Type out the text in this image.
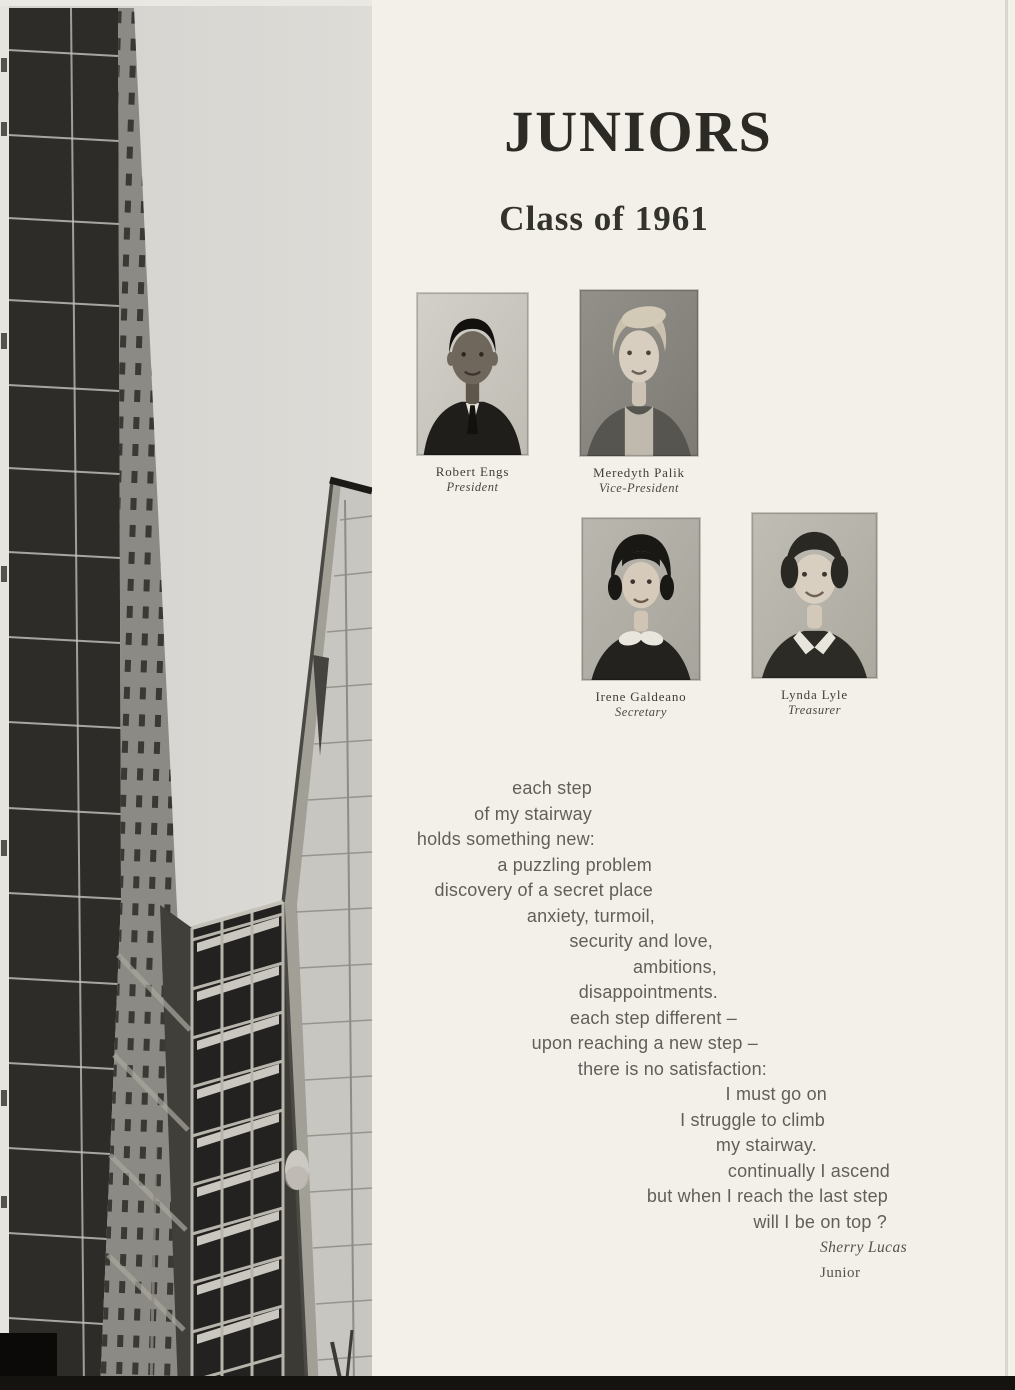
JUNIORS
Class of 1961
Robert Engs
President
Meredyth Palik
Vice-President
Irene Galdeano
Secretary
Lynda Lyle
Treasurer
each step
of my stairway
holds something new:
a puzzling problem
discovery of a secret place
anxiety, turmoil,
security and love,
ambitions,
disappointments.
each step different –
upon reaching a new step –
there is no satisfaction:
I must go on
I struggle to climb
my stairway.
continually I ascend
but when I reach the last step
will I be on top ?
Sherry Lucas
Junior
